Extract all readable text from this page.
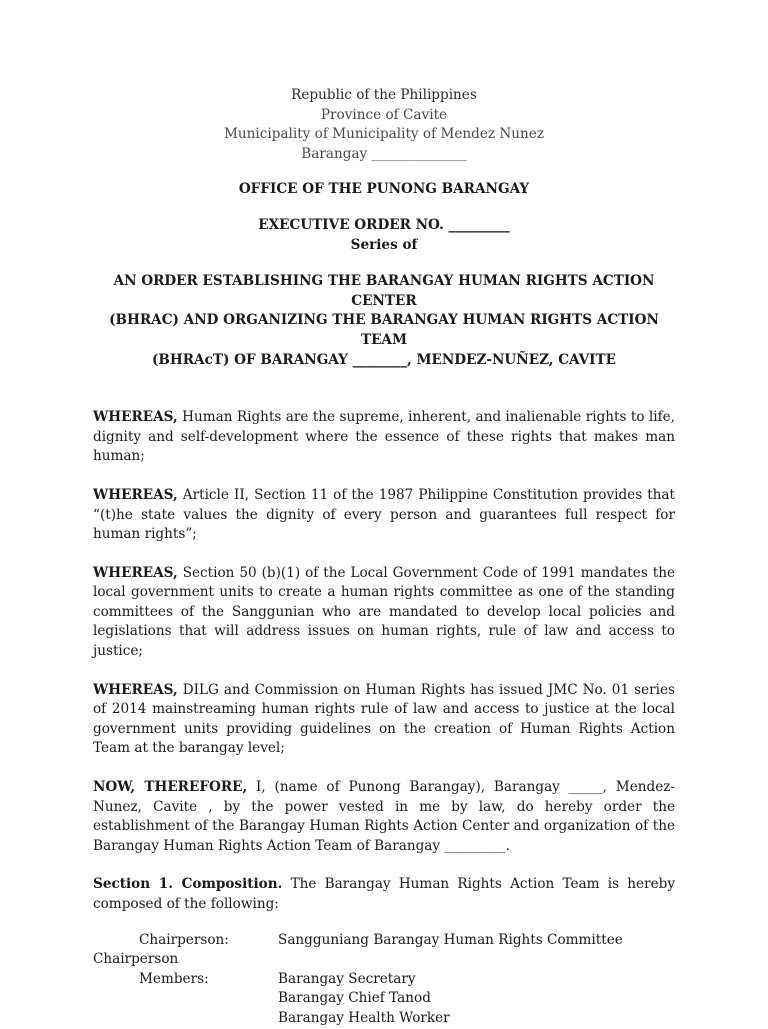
Republic of the Philippines
Province of Cavite
Municipality of Municipality of Mendez Nunez
Barangay ______________
OFFICE OF THE PUNONG BARANGAY
EXECUTIVE ORDER NO. _________
Series of
AN ORDER ESTABLISHING THE BARANGAY HUMAN RIGHTS ACTION CENTER
(BHRAC) AND ORGANIZING THE BARANGAY HUMAN RIGHTS ACTION TEAM
(BHRAcT) OF BARANGAY ________, MENDEZ-NUÑEZ, CAVITE

WHEREAS, Human Rights are the supreme, inherent, and inalienable rights to life, dignity and self-development where the essence of these rights that makes man human;

WHEREAS, Article II, Section 11 of the 1987 Philippine Constitution provides that “(t)he state values the dignity of every person and guarantees full respect for human rights”;

WHEREAS, Section 50 (b)(1) of the Local Government Code of 1991 mandates the local government units to create a human rights committee as one of the standing committees of the Sanggunian who are mandated to develop local policies and legislations that will address issues on human rights, rule of law and access to justice;

WHEREAS, DILG and Commission on Human Rights has issued JMC No. 01 series of 2014 mainstreaming human rights rule of law and access to justice at the local government units providing guidelines on the creation of Human Rights Action Team at the barangay level;

NOW, THEREFORE, I, (name of Punong Barangay), Barangay _____, Mendez-Nunez, Cavite , by the power vested in me by law, do hereby order the establishment of the Barangay Human Rights Action Center and organization of the Barangay Human Rights Action Team of Barangay _________.

Section 1. Composition. The Barangay Human Rights Action Team is hereby composed of the following:

Chairperson:	Sangguniang Barangay Human Rights Committee
Chairperson
Members:	Barangay Secretary
Barangay Chief Tanod
Barangay Health Worker
